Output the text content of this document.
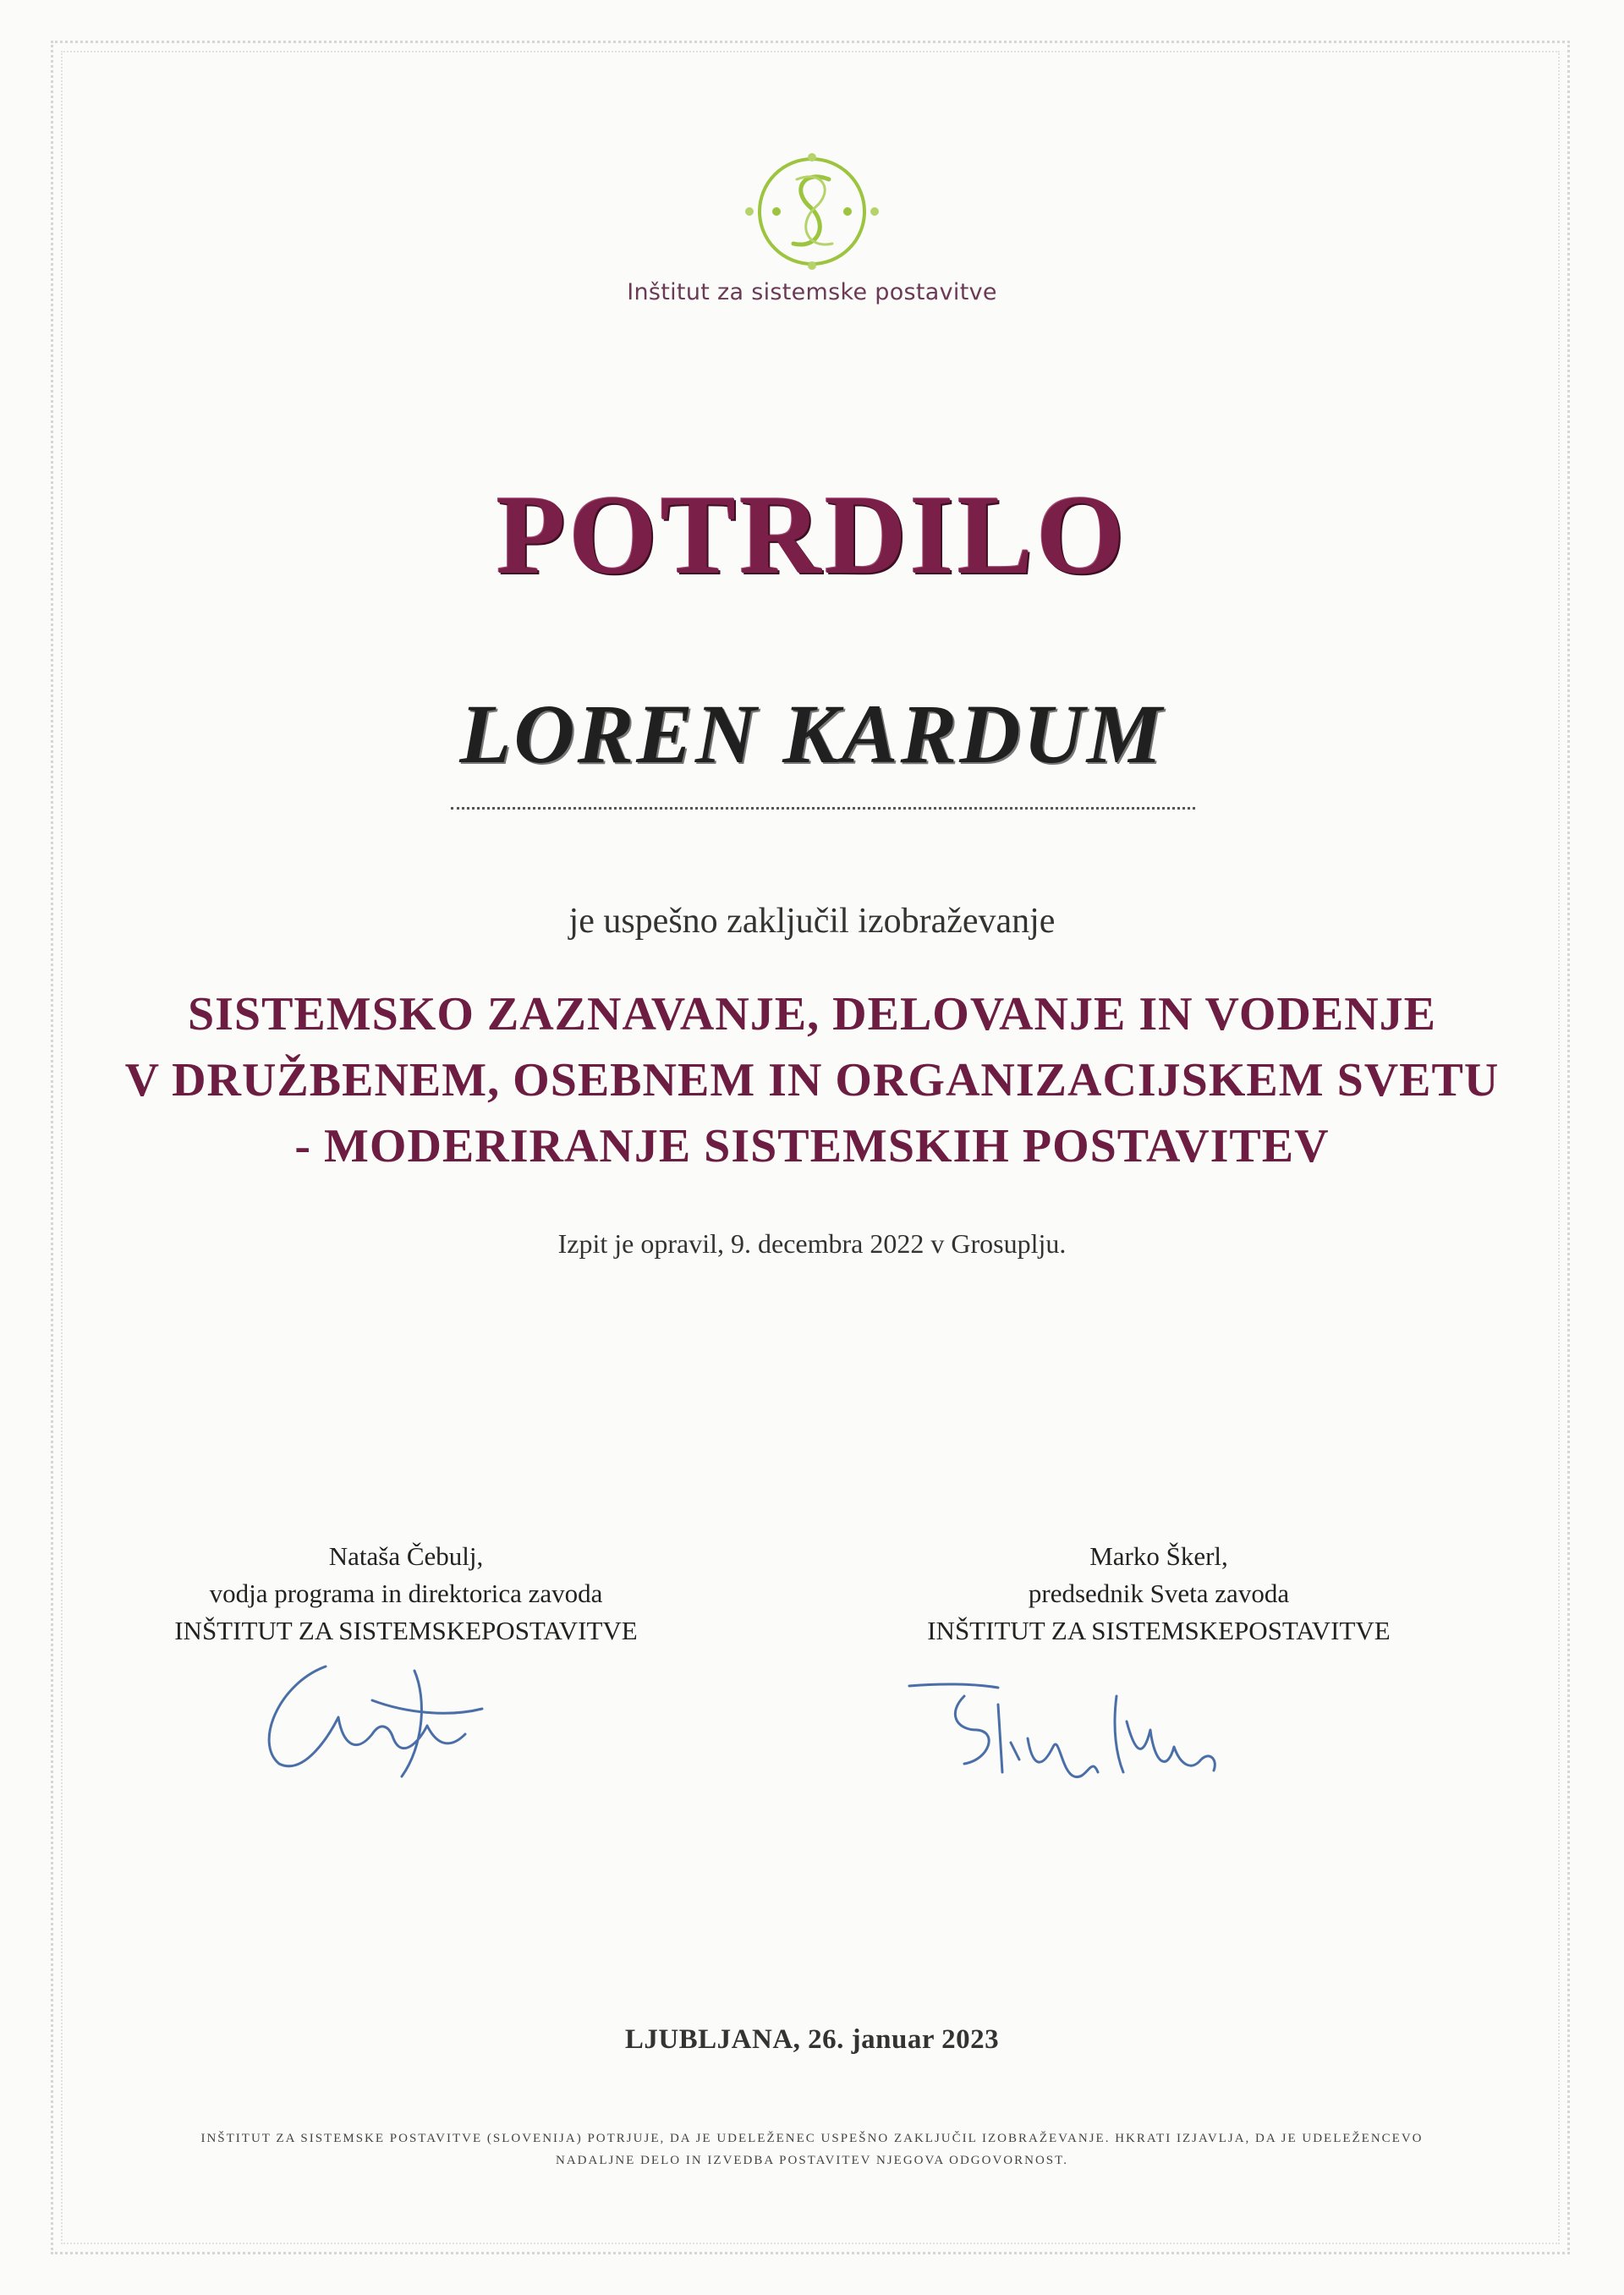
Inštitut za sistemske postavitve
POTRDILO
LOREN KARDUM
je uspešno zaključil izobraževanje
SISTEMSKO ZAZNAVANJE, DELOVANJE IN VODENJE
V DRUŽBENEM, OSEBNEM IN ORGANIZACIJSKEM SVETU
- MODERIRANJE SISTEMSKIH POSTAVITEV
Izpit je opravil, 9. decembra 2022 v Grosuplju.
Nataša Čebulj,
vodja programa in direktorica zavoda
INŠTITUT ZA SISTEMSKEPOSTAVITVE
Marko Škerl,
predsednik Sveta zavoda
INŠTITUT ZA SISTEMSKEPOSTAVITVE
LJUBLJANA, 26. januar 2023
INŠTITUT ZA SISTEMSKE POSTAVITVE (SLOVENIJA) POTRJUJE, DA JE UDELEŽENEC USPEŠNO ZAKLJUČIL IZOBRAŽEVANJE. HKRATI IZJAVLJA, DA JE UDELEŽENCEVO
NADALJNE DELO IN IZVEDBA POSTAVITEV NJEGOVA ODGOVORNOST.
